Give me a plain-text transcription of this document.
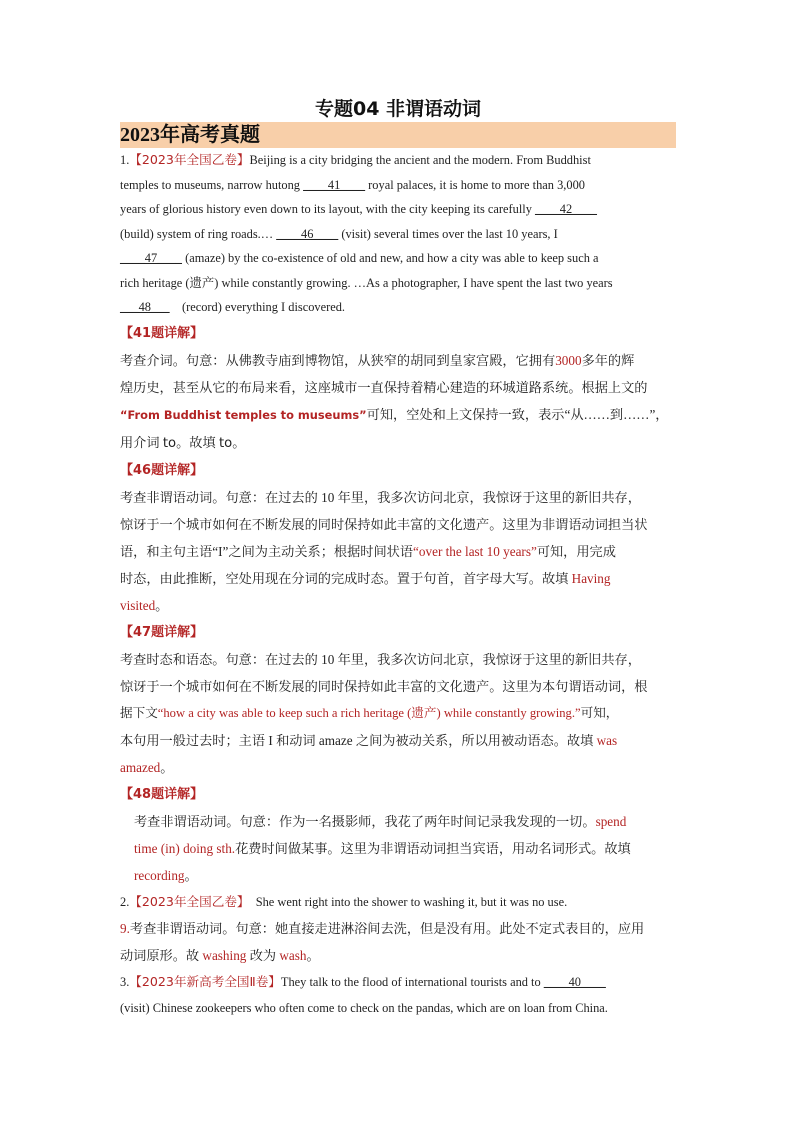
专题04 非谓语动词
2023年高考真题
1.【2023年全国乙卷】Beijing is a city bridging the ancient and the modern. From Buddhist
temples to museums, narrow hutong ____41____ royal palaces, it is home to more than 3,000
years of glorious history even down to its layout, with the city keeping its carefully ____42____
(build) system of ring roads.… ____46____ (visit) several times over the last 10 years, I
____47____ (amaze) by the co-existence of old and new, and how a city was able to keep such a
rich heritage (遗产) while constantly growing. …As a photographer, I have spent the last two years
___48___ (record) everything I discovered.
【41题详解】
考查介词。句意：从佛教寺庙到博物馆，从狭窄的胡同到皇家宫殿，它拥有3000多年的辉
煌历史，甚至从它的布局来看，这座城市一直保持着精心建造的环城道路系统。根据上文的
“From Buddhist temples to museums”可知，空处和上文保持一致，表示“从……到……”，
用介词 to。故填 to。
【46题详解】
考查非谓语动词。句意：在过去的 10 年里，我多次访问北京，我惊讶于这里的新旧共存，
惊讶于一个城市如何在不断发展的同时保持如此丰富的文化遗产。这里为非谓语动词担当状
语，和主句主语“I”之间为主动关系；根据时间状语“over the last 10 years”可知，用完成
时态，由此推断，空处用现在分词的完成时态。置于句首，首字母大写。故填 Having
visited。
【47题详解】
考查时态和语态。句意：在过去的 10 年里，我多次访问北京，我惊讶于这里的新旧共存，
惊讶于一个城市如何在不断发展的同时保持如此丰富的文化遗产。这里为本句谓语动词，根
据下文“how a city was able to keep such a rich heritage (遗产) while constantly growing.”可知，
本句用一般过去时；主语 I 和动词 amaze 之间为被动关系，所以用被动语态。故填 was
amazed。
【48题详解】
考查非谓语动词。句意：作为一名摄影师，我花了两年时间记录我发现的一切。spend
time (in) doing sth.花费时间做某事。这里为非谓语动词担当宾语，用动名词形式。故填
recording。
2.【2023年全国乙卷】 She went right into the shower to washing it, but it was no use.
9.考查非谓语动词。句意：她直接走进淋浴间去洗，但是没有用。此处不定式表目的，应用
动词原形。故 washing 改为 wash。
3.【2023年新高考全国Ⅱ卷】They talk to the flood of international tourists and to ____40____
(visit) Chinese zookeepers who often come to check on the pandas, which are on loan from China.
